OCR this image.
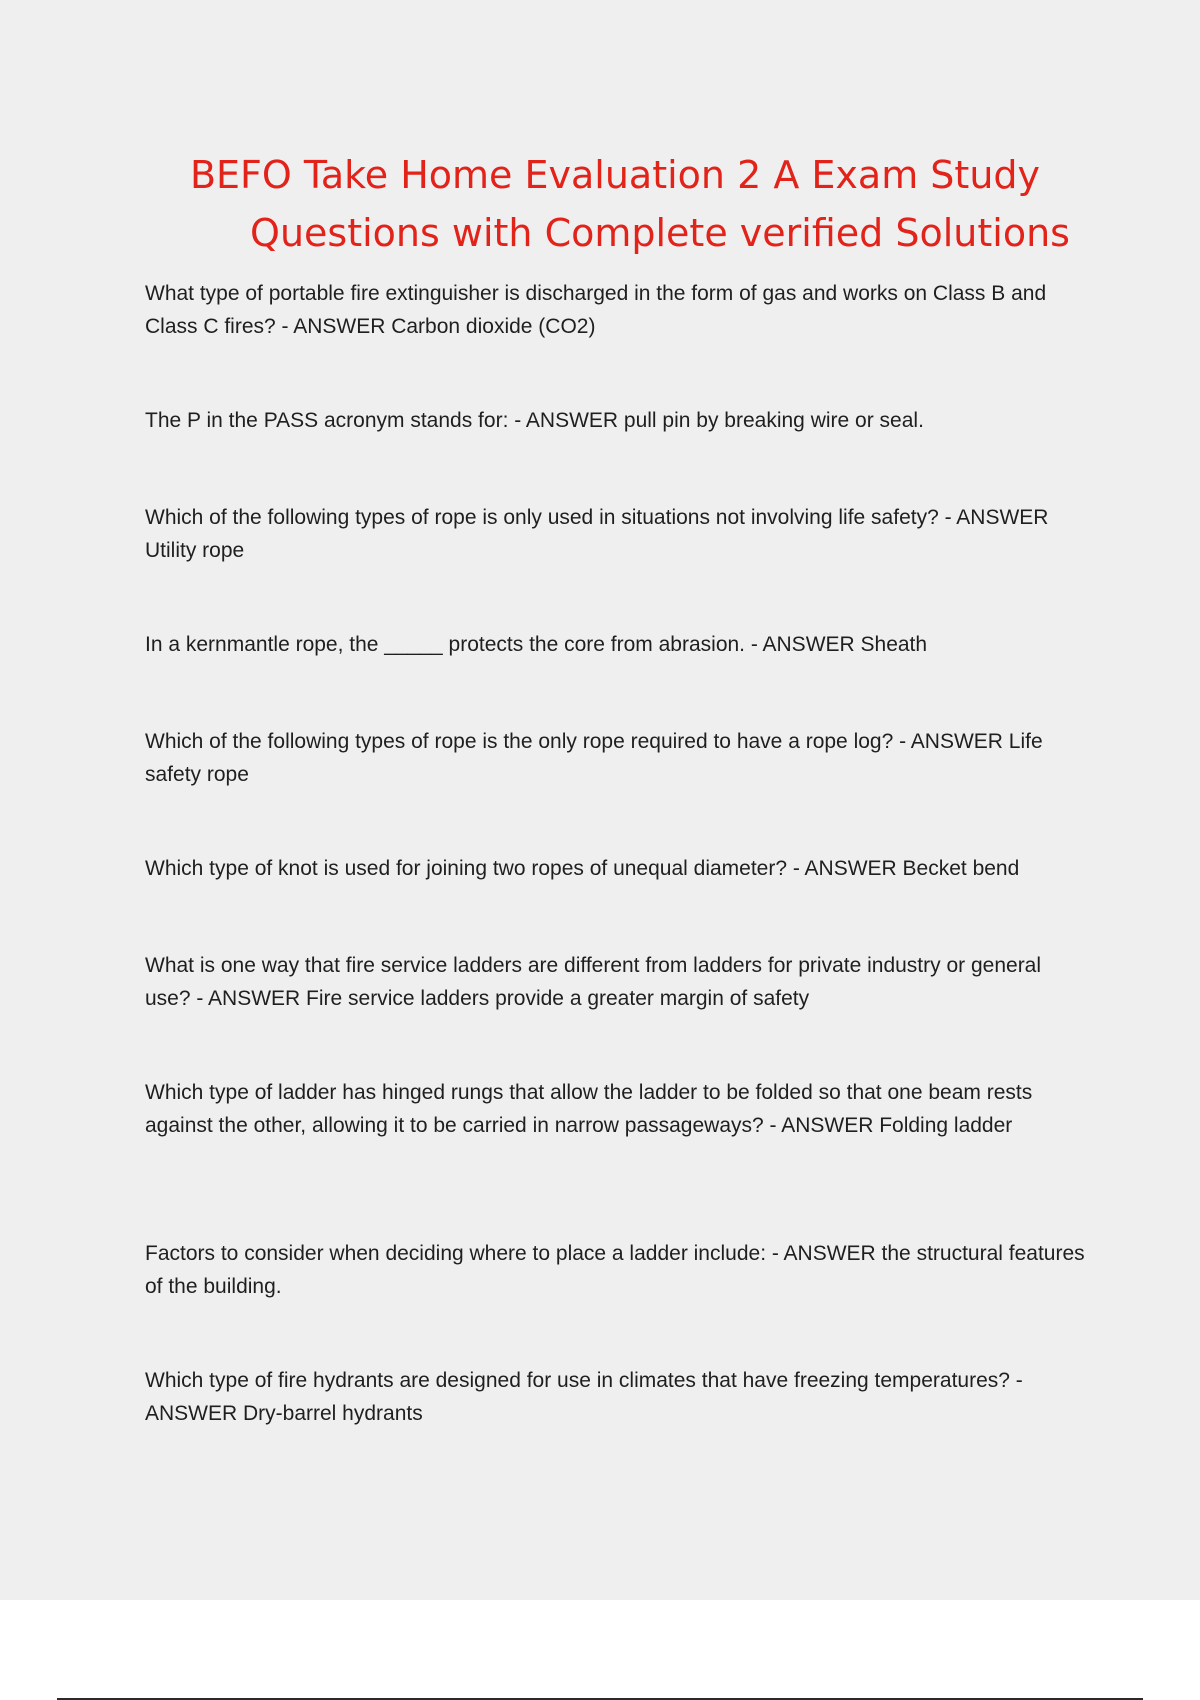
BEFO Take Home Evaluation 2 A Exam Study
Questions with Complete verified Solutions

What type of portable fire extinguisher is discharged in the form of gas and works on Class B and Class C fires? - ANSWER Carbon dioxide (CO2)

The P in the PASS acronym stands for: - ANSWER pull pin by breaking wire or seal.

Which of the following types of rope is only used in situations not involving life safety? - ANSWER Utility rope

In a kernmantle rope, the _____ protects the core from abrasion. - ANSWER Sheath

Which of the following types of rope is the only rope required to have a rope log? - ANSWER Life safety rope

Which type of knot is used for joining two ropes of unequal diameter? - ANSWER Becket bend

What is one way that fire service ladders are different from ladders for private industry or general use? - ANSWER Fire service ladders provide a greater margin of safety

Which type of ladder has hinged rungs that allow the ladder to be folded so that one beam rests against the other, allowing it to be carried in narrow passageways? - ANSWER Folding ladder

Factors to consider when deciding where to place a ladder include: - ANSWER the structural features of the building.

Which type of fire hydrants are designed for use in climates that have freezing temperatures? - ANSWER Dry-barrel hydrants
